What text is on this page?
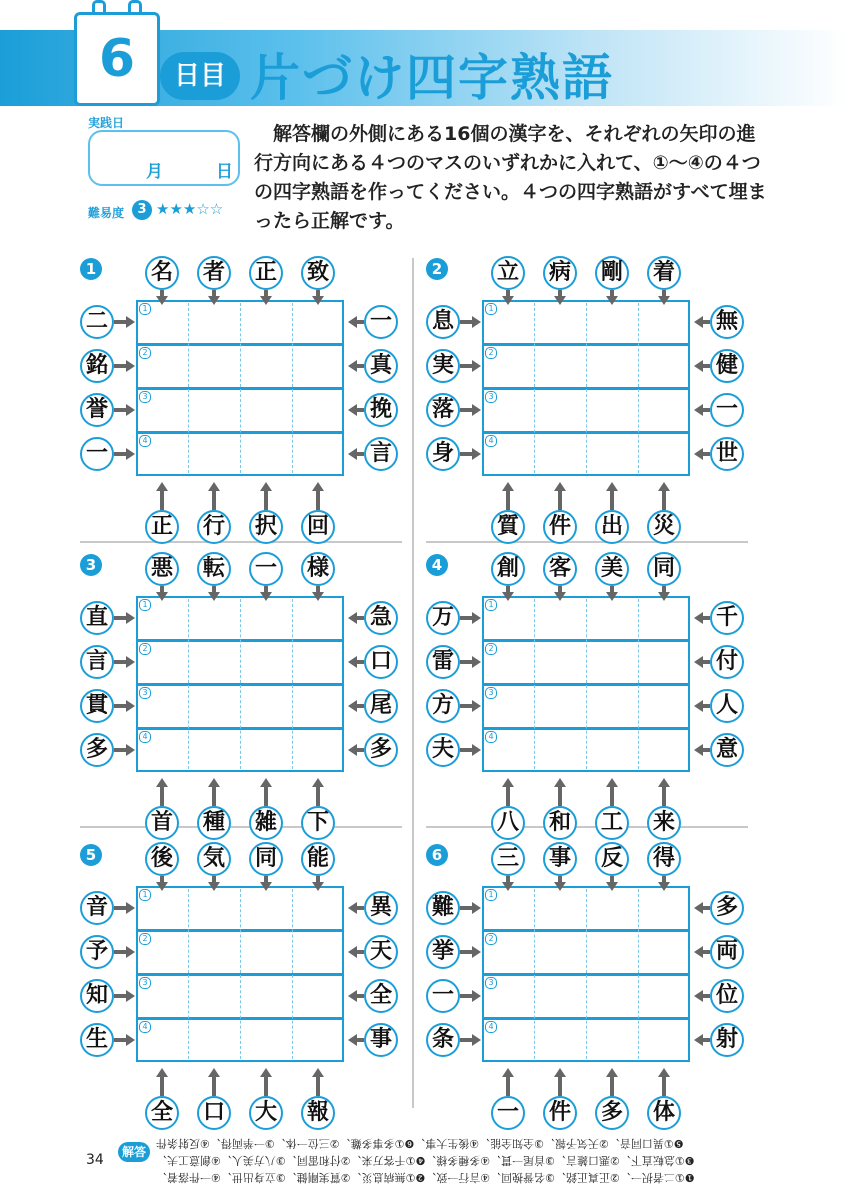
6	日目 片づけ四字熟語
実践日
月	日
難易度	3 ★★★☆☆
　解答欄の外側にある16個の漢字を、それぞれの矢印の進行方向にある４つのマスのいずれかに入れて、①～④の４つの四字熟語を作ってください。４つの四字熟語がすべて埋まったら正解です。
1
1
2
3
4
名
正
者
行
正
択
致
回
二	一
銘	真
誉	挽
一	言
2
1
2
3
4
立
質
病
件
剛
出
着
災
息	無
実	健
落	一
身	世
3
1
2
3
4
悪
首
転
種
一
雑
様
下
直	急
言	口
貫	尾
多	多
4
1
2
3
4
創
八
客
和
美
工
同
来
万	千
雷	付
方	人
夫	意
5
1
2
3
4
後
全
気
口
同
大
能
報
音	異
予	天
知	全
生	事
6
1
2
3
4
三
一
事
件
反
多
得
体
難	多
挙	両
一	位
条	射
34	解答
❺①異口同音、②天気予報、③全知全能、④後生大事、❻①多事多難、②三位一体、③一挙両得、④反射条件
❸①急転直下、②悪口雑言、③首尾一貫、④多種多様、❹①千客万来、②付和雷同、③八方美人、④創意工夫、
❶①二者択一、②正真正銘、③名誉挽回、④言行一致、❷①無病息災、②質実剛健、③立身出世、④一件落着、
